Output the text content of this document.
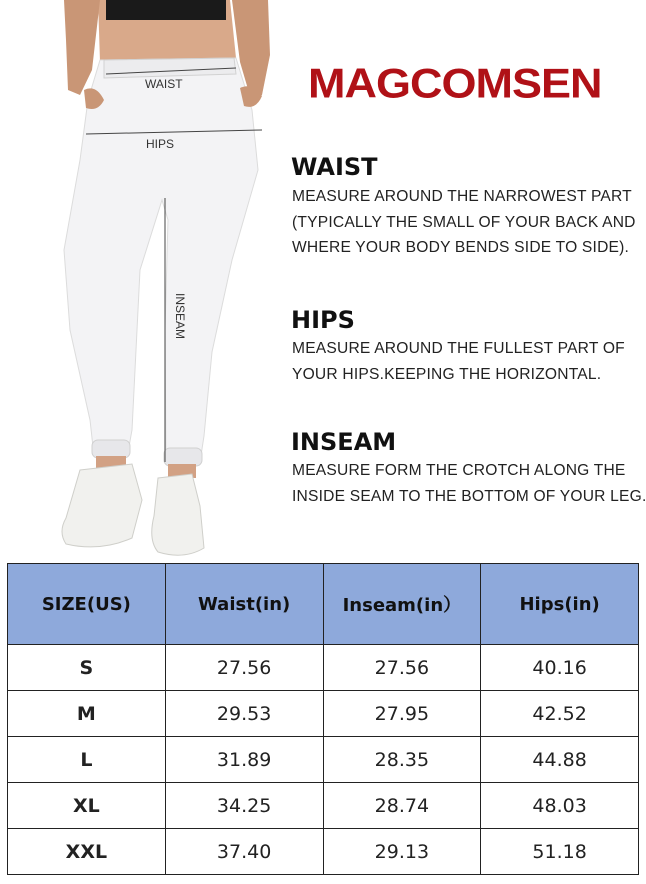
WAIST
HIPS
INSEAM
MAGCOMSEN
WAIST
MEASURE AROUND THE NARROWEST PART
(TYPICALLY THE SMALL OF YOUR BACK AND
WHERE YOUR BODY BENDS SIDE TO SIDE).
HIPS
MEASURE AROUND THE FULLEST PART OF
YOUR HIPS.KEEPING THE HORIZONTAL.
INSEAM
MEASURE FORM THE CROTCH ALONG THE
INSIDE SEAM TO THE BOTTOM OF YOUR LEG.
SIZE(US)	Waist(in)	Inseam(in）	Hips(in)
S	27.56	27.56	40.16
M	29.53	27.95	42.52
L	31.89	28.35	44.88
XL	34.25	28.74	48.03
XXL	37.40	29.13	51.18
